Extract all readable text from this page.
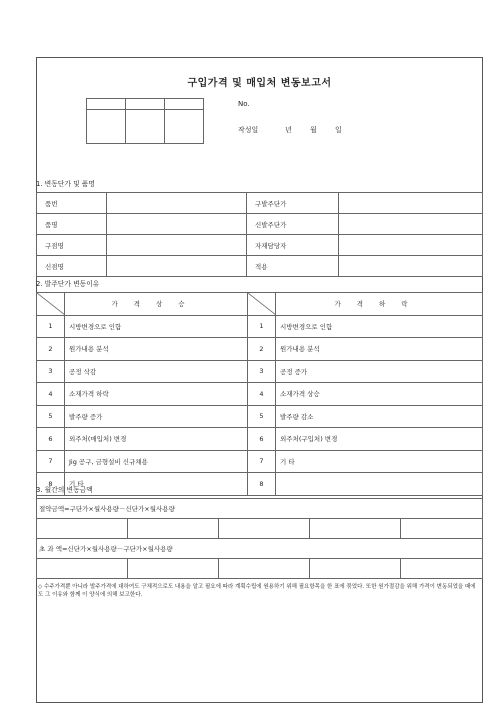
구입가격 및 매입처 변동보고서

No.
작성일	년	월	일
1. 변동단가 및 품명
품번		구발주단가	
품명		신발주단가	
구점명		자재담당자	
신점명		적용	
2. 발주단가 변동이유
	가격상승		가격하락
1	시방변경으로 인함	1	시방변경으로 인함
2	원가내용 분석	2	원가내용 분석
3	공정 삭감	3	공정 증가
4	소재가격 하락	4	소재가격 상승
5	발주량 증가	5	발주량 감소
6	외주처(매입처) 변경	6	외주처(구입처) 변경
7	Jig 공구, 금형설비 신규채용	7	기 타
8	기 타	8	
3. 월간의 변동금액
절약금액=구단가×월사용량－신단가×월사용량				

초 과 액=신단가×월사용량－구단가×월사용량				

◇ 수주가격뿐 아니라 발주가격에 대하여도 구체적으로도 내용을 알고 필요에 따라 계획수립에 원용하기 위해 필요항목을 한 표에 묶었다. 또한 원가절감을 위해 가격이 변동되었을 때에도 그 이유와 함께 이 양식에 의해 보고한다.
